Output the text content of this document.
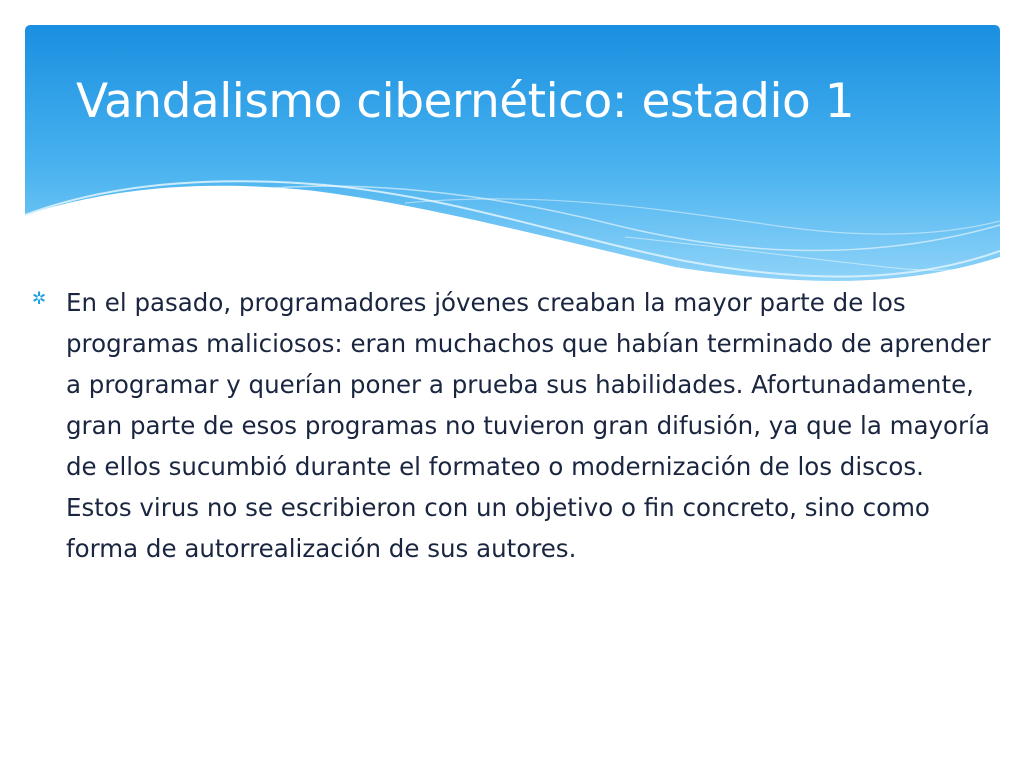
Vandalismo cibernético: estadio 1
✲ En el pasado, programadores jóvenes creaban la mayor parte de los programas maliciosos: eran muchachos que habían terminado de aprender a programar y querían poner a prueba sus habilidades. Afortunadamente, gran parte de esos programas no tuvieron gran difusión, ya que la mayoría de ellos sucumbió durante el formateo o modernización de los discos. Estos virus no se escribieron con un objetivo o fin concreto, sino como forma de autorrealización de sus autores.
